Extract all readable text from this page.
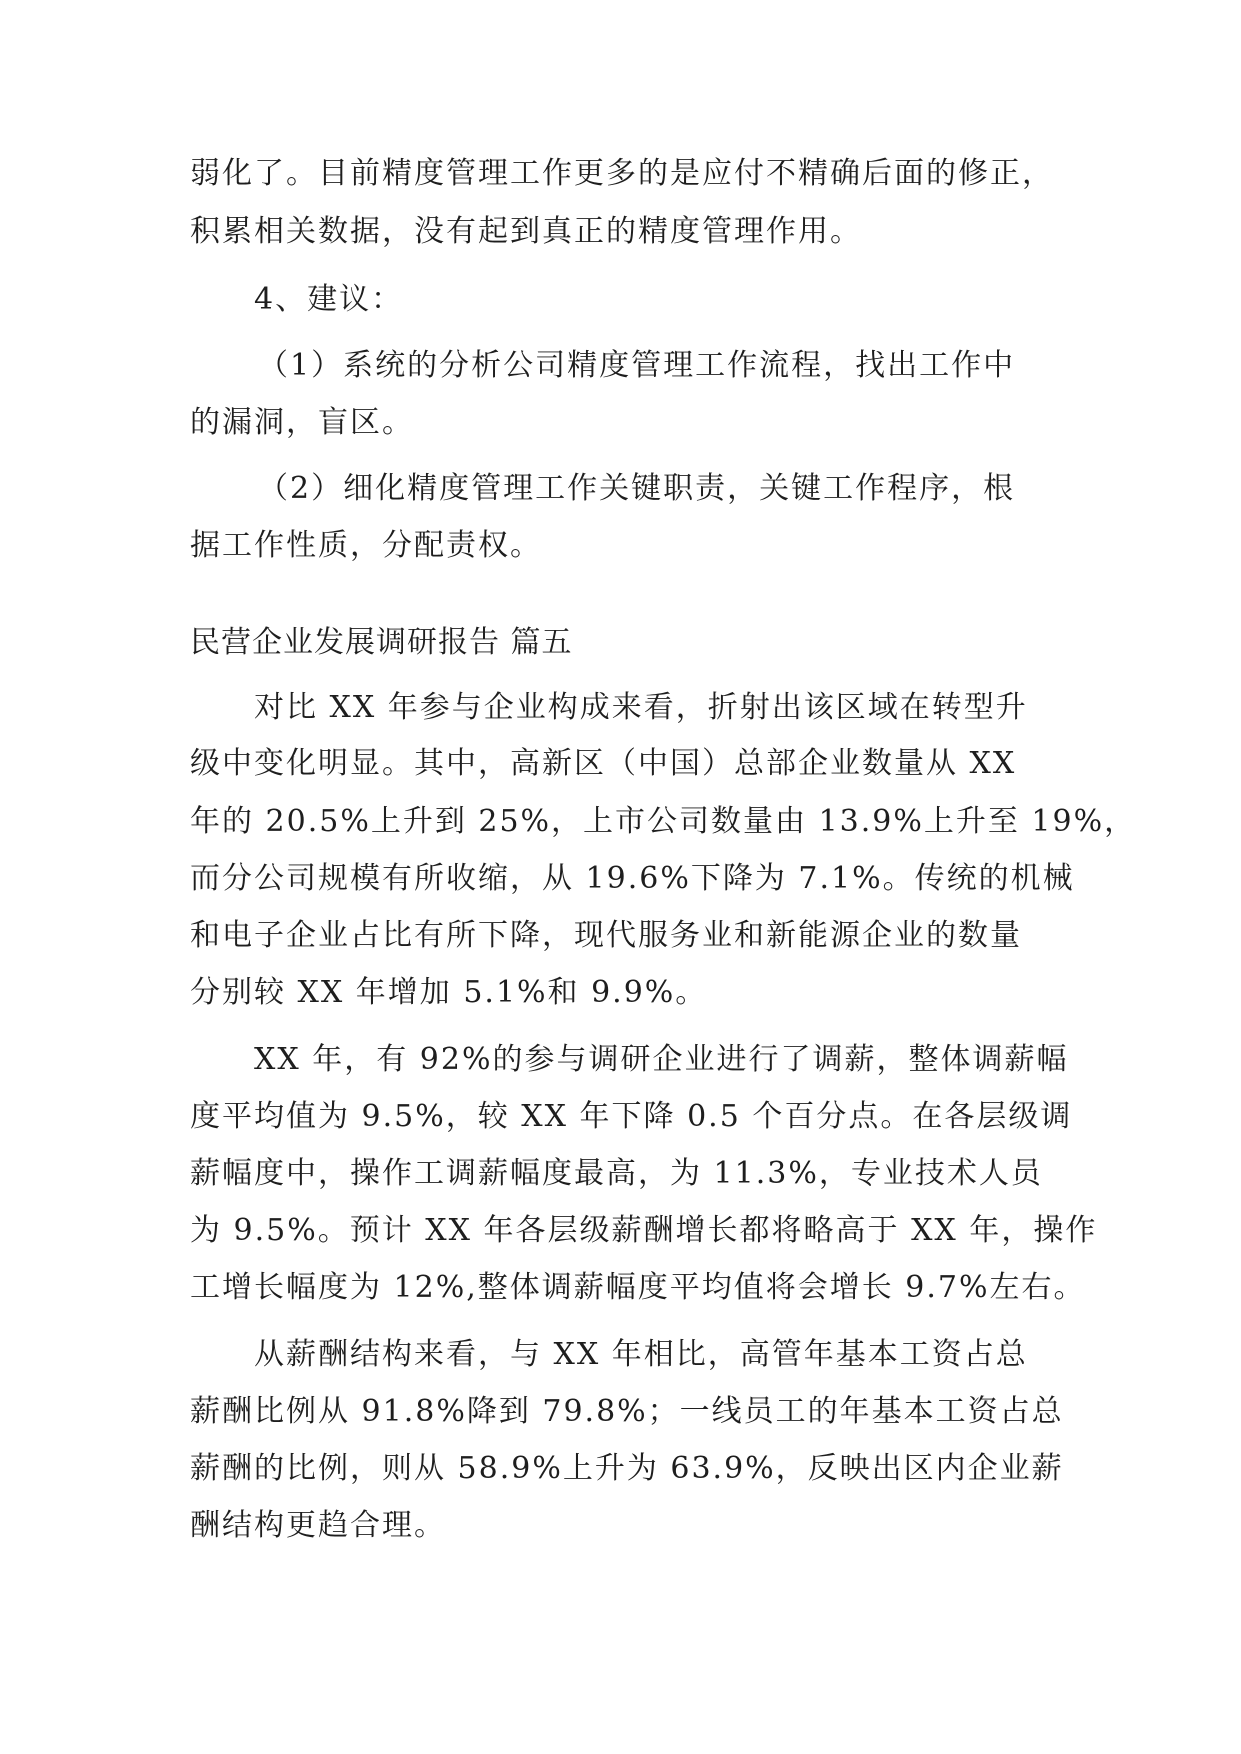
弱化了。目前精度管理工作更多的是应付不精确后面的修正，

积累相关数据，没有起到真正的精度管理作用。

4、建议：

（1）系统的分析公司精度管理工作流程，找出工作中

的漏洞，盲区。

（2）细化精度管理工作关键职责，关键工作程序，根

据工作性质，分配责权。

民营企业发展调研报告 篇五

对比 XX 年参与企业构成来看，折射出该区域在转型升

级中变化明显。其中，高新区（中国）总部企业数量从 XX

年的 20.5%上升到 25%，上市公司数量由 13.9%上升至 19%，

而分公司规模有所收缩，从 19.6%下降为 7.1%。传统的机械

和电子企业占比有所下降，现代服务业和新能源企业的数量

分别较 XX 年增加 5.1%和 9.9%。

XX 年，有 92%的参与调研企业进行了调薪，整体调薪幅

度平均值为 9.5%，较 XX 年下降 0.5 个百分点。在各层级调

薪幅度中，操作工调薪幅度最高，为 11.3%，专业技术人员

为 9.5%。预计 XX 年各层级薪酬增长都将略高于 XX 年，操作

工增长幅度为 12%,整体调薪幅度平均值将会增长 9.7%左右。

从薪酬结构来看，与 XX 年相比，高管年基本工资占总

薪酬比例从 91.8%降到 79.8%；一线员工的年基本工资占总

薪酬的比例，则从 58.9%上升为 63.9%，反映出区内企业薪

酬结构更趋合理。
